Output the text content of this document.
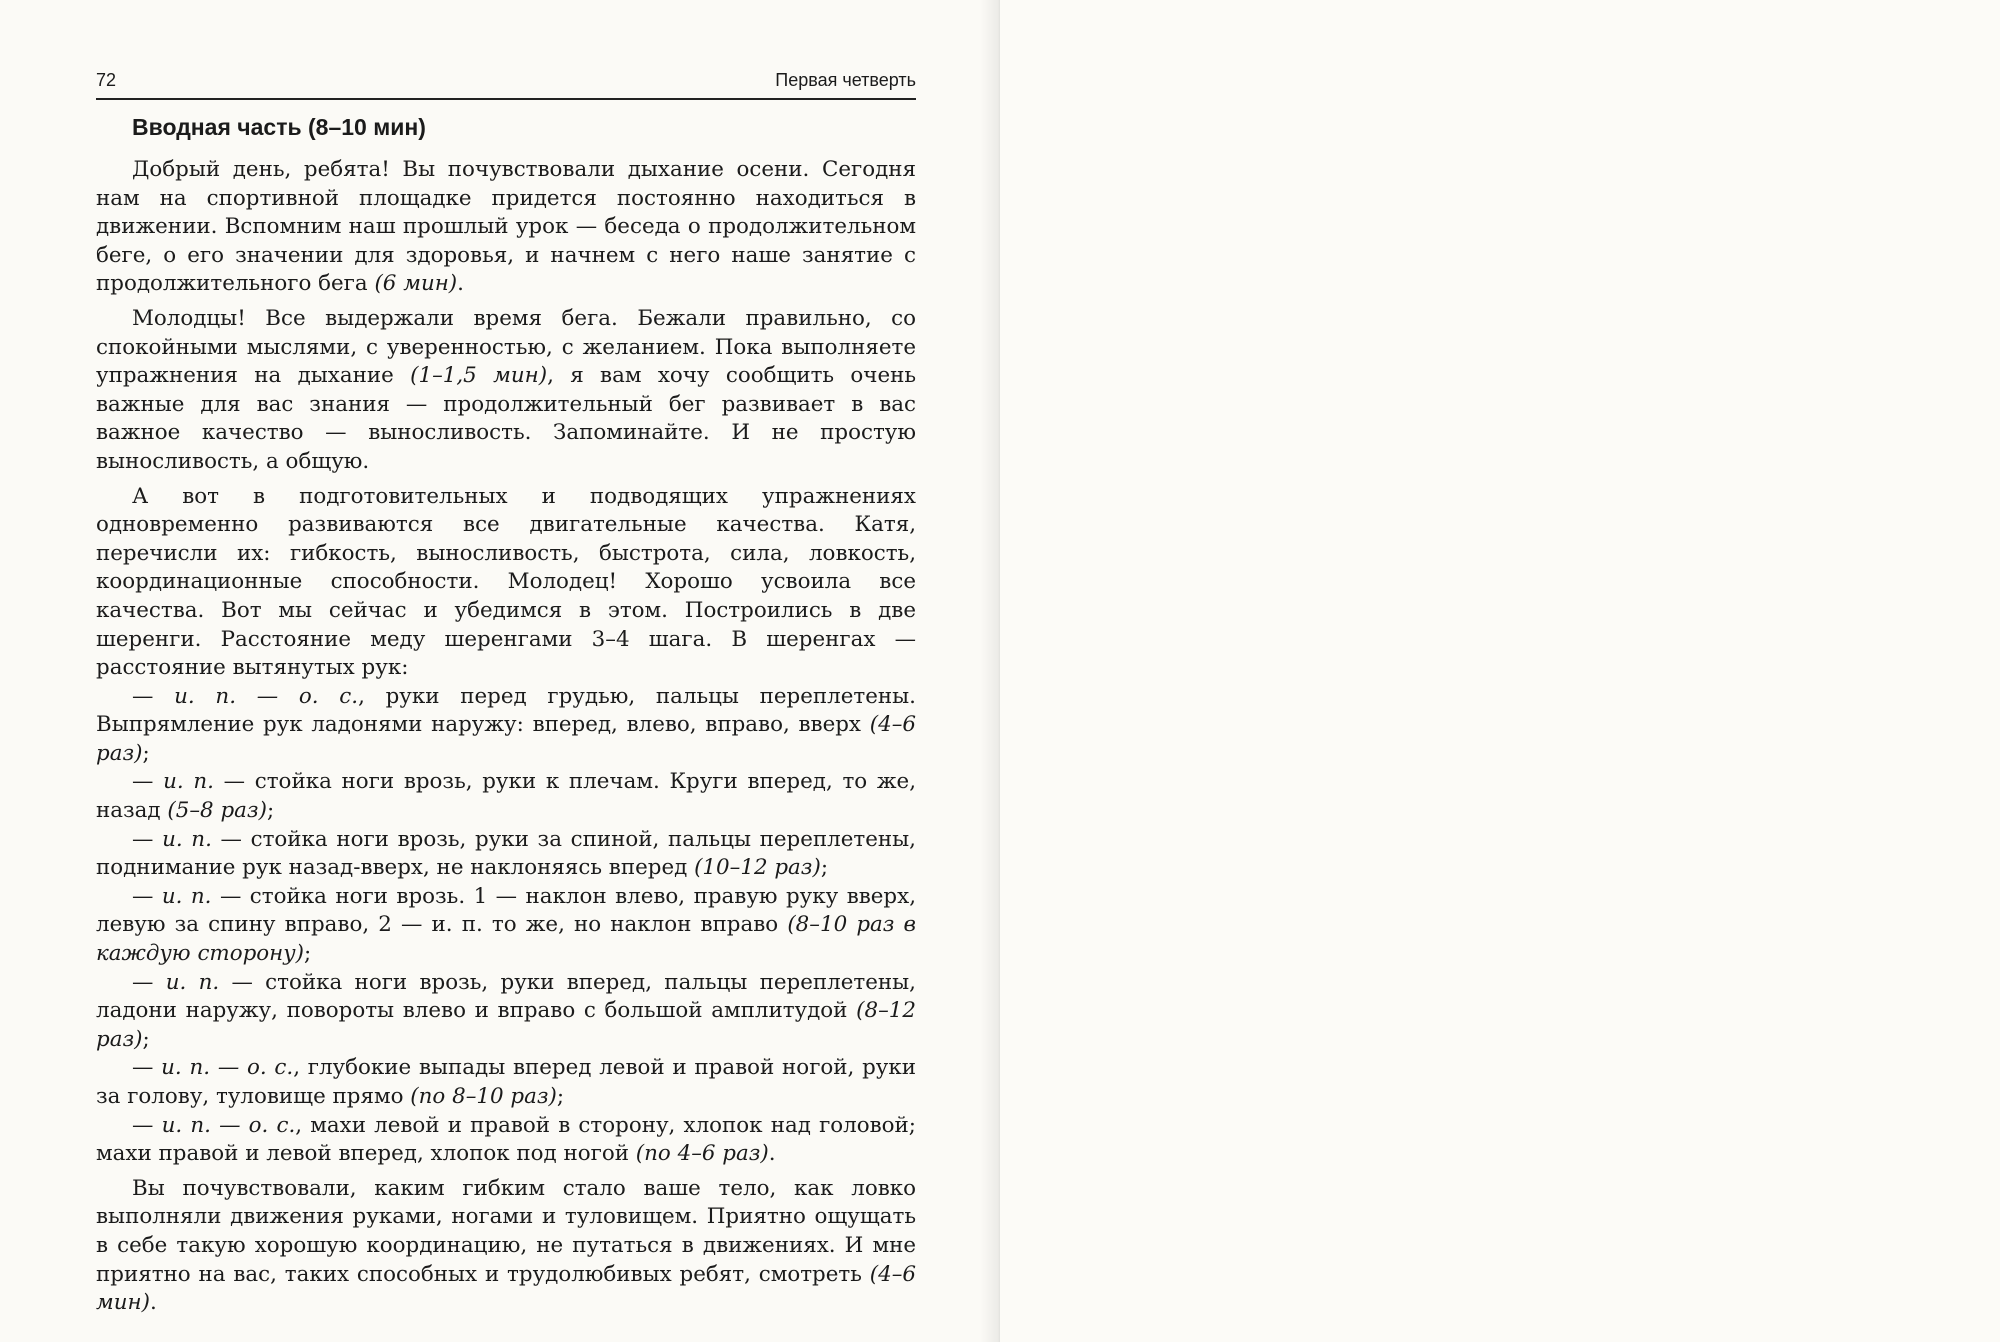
72	Первая четверть
Вводная часть (8–10 мин)

Добрый день, ребята! Вы почувствовали дыхание осени. Сегодня нам на спортивной площадке придется постоянно находиться в движении. Вспомним наш прошлый урок — беседа о продолжительном беге, о его значении для здоровья, и начнем с него наше занятие с продолжительного бега (6 мин).

Молодцы! Все выдержали время бега. Бежали правильно, со спокойными мыслями, с уверенностью, с желанием. Пока выполняете упражнения на дыхание (1–1,5 мин), я вам хочу сообщить очень важные для вас знания — продолжительный бег развивает в вас важное качество — выносливость. Запоминайте. И не простую выносливость, а общую.

А вот в подготовительных и подводящих упражнениях одновременно развиваются все двигательные качества. Катя, перечисли их: гибкость, выносливость, быстрота, сила, ловкость, координационные способности. Молодец! Хорошо усвоила все качества. Вот мы сейчас и убедимся в этом. Построились в две шеренги. Расстояние меду шеренгами 3–4 шага. В шеренгах — расстояние вытянутых рук:

— и. п. — о. с., руки перед грудью, пальцы переплетены. Выпрямление рук ладонями наружу: вперед, влево, вправо, вверх (4–6 раз);

— и. п. — стойка ноги врозь, руки к плечам. Круги вперед, то же, назад (5–8 раз);

— и. п. — стойка ноги врозь, руки за спиной, пальцы переплетены, поднимание рук назад-вверх, не наклоняясь вперед (10–12 раз);

— и. п. — стойка ноги врозь. 1 — наклон влево, правую руку вверх, левую за спину вправо, 2 — и. п. то же, но наклон вправо (8–10 раз в каждую сторону);

— и. п. — стойка ноги врозь, руки вперед, пальцы переплетены, ладони наружу, повороты влево и вправо с большой амплитудой (8–12 раз);

— и. п. — о. с., глубокие выпады вперед левой и правой ногой, руки за голову, туловище прямо (по 8–10 раз);

— и. п. — о. с., махи левой и правой в сторону, хлопок над головой; махи правой и левой вперед, хлопок под ногой (по 4–6 раз).

Вы почувствовали, каким гибким стало ваше тело, как ловко выполняли движения руками, ногами и туловищем. Приятно ощущать в себе такую хорошую координацию, не путаться в движениях. И мне приятно на вас, таких способных и трудолюбивых ребят, смотреть (4–6 мин).
